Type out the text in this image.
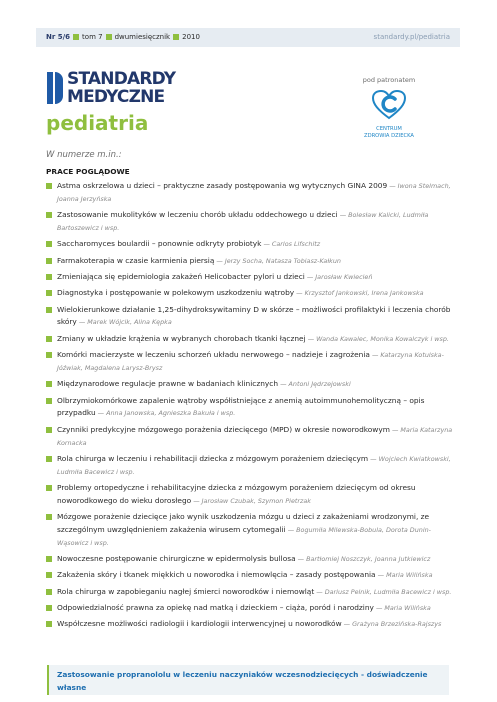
Nr 5/6 tom 7 dwumiesięcznik 2010	standardy.pl/pediatria
STANDARDY
MEDYCZNE
pediatria
pod patronatem
CENTRUM
ZDROWIA DZIECKA
W numerze m.in.:
PRACE POGLĄDOWE
Astma oskrzelowa u dzieci – praktyczne zasady postępowania wg wytycznych GINA 2009 — Iwona Stelmach, Joanna Jerzyńska
Zastosowanie mukolityków w leczeniu chorób układu oddechowego u dzieci — Bolesław Kalicki, Ludmiła Bartoszewicz i wsp.
Saccharomyces boulardii – ponownie odkryty probiotyk — Carlos Lifschitz
Farmakoterapia w czasie karmienia piersią — Jerzy Socha, Natasza Tobiasz-Kałkun
Zmieniająca się epidemiologia zakażeń Helicobacter pylori u dzieci — Jarosław Kwiecień
Diagnostyka i postępowanie w polekowym uszkodzeniu wątroby — Krzysztof Jankowski, Irena Jankowska
Wielokierunkowe działanie 1,25-dihydroksywitaminy D w skórze – możliwości profilaktyki i leczenia chorób skóry — Marek Wójcik, Alina Kępka
Zmiany w układzie krążenia w wybranych chorobach tkanki łącznej — Wanda Kawalec, Monika Kowalczyk i wsp.
Komórki macierzyste w leczeniu schorzeń układu nerwowego – nadzieje i zagrożenia — Katarzyna Kotulska-Jóźwiak, Magdalena Larysz-Brysz
Międzynarodowe regulacje prawne w badaniach klinicznych — Antoni Jędrzejowski
Olbrzymiokomórkowe zapalenie wątroby współistniejące z anemią autoimmunohemolityczną – opis przypadku — Anna Janowska, Agnieszka Bakuła i wsp.
Czynniki predykcyjne mózgowego porażenia dziecięcego (MPD) w okresie noworodkowym — Maria Katarzyna Kornacka
Rola chirurga w leczeniu i rehabilitacji dziecka z mózgowym porażeniem dziecięcym — Wojciech Kwiatkowski, Ludmiła Bacewicz i wsp.
Problemy ortopedyczne i rehabilitacyjne dziecka z mózgowym porażeniem dziecięcym od okresu noworodkowego do wieku dorosłego — Jarosław Czubak, Szymon Pietrzak
Mózgowe porażenie dziecięce jako wynik uszkodzenia mózgu u dzieci z zakażeniami wrodzonymi, ze szczególnym uwzględnieniem zakażenia wirusem cytomegalii — Bogumiła Milewska-Bobula, Dorota Dunin-Wąsowicz i wsp.
Nowoczesne postępowanie chirurgiczne w epidermolysis bullosa — Bartłomiej Noszczyk, Joanna Jutkiewicz
Zakażenia skóry i tkanek miękkich u noworodka i niemowlęcia – zasady postępowania — Maria Wilińska
Rola chirurga w zapobieganiu nagłej śmierci noworodków i niemowląt — Dariusz Pelnik, Ludmiła Bacewicz i wsp.
Odpowiedzialność prawna za opiekę nad matką i dzieckiem – ciąża, poród i narodziny — Maria Wilińska
Współczesne możliwości radiologii i kardiologii interwencyjnej u noworodków — Grażyna Brzezińska-Rajszys
Zastosowanie propranololu w leczeniu naczyniaków wczesnodziecięcych - doświadczenie własne
